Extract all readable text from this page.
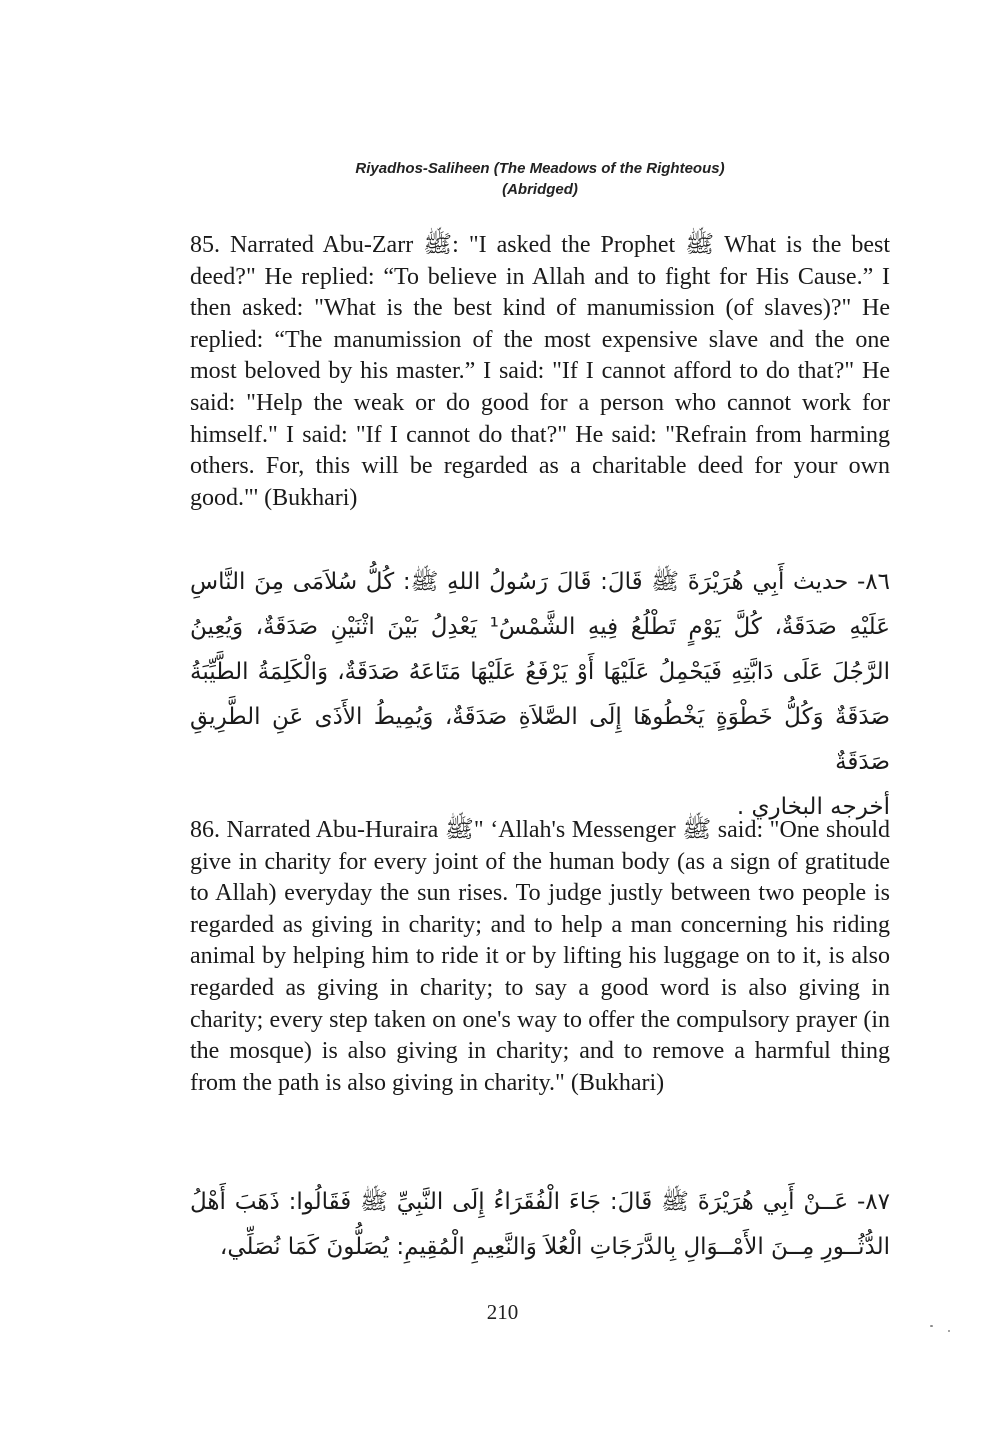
Riyadhos-Saliheen (The Meadows of the Righteous)
(Abridged)

85. Narrated Abu-Zarr ﷺ: "I asked the Prophet ﷺ What is the best deed?" He replied: “To believe in Allah and to fight for His Cause.” I then asked: "What is the best kind of manumission (of slaves)?" He replied: “The manumission of the most expensive slave and the one most beloved by his master.” I said: "If I cannot afford to do that?" He said: "Help the weak or do good for a person who cannot work for himself." I said: "If I cannot do that?" He said: "Refrain from harming others. For, this will be regarded as a charitable deed for your own good."' (Bukhari)

٨٦- حديث أَبِي هُرَيْرَةَ ﷺ قَالَ: قَالَ رَسُولُ اللهِ ﷺ: كُلُّ سُلاَمَى مِنَ النَّاسِ عَلَيْهِ صَدَقَةٌ، كُلَّ يَوْمٍ تَطْلُعُ فِيهِ الشَّمْسُ¹ يَعْدِلُ بَيْنَ اثْنَيْنِ صَدَقَةٌ، وَيُعِينُ الرَّجُلَ عَلَى دَابَّتِهِ فَيَحْمِلُ عَلَيْهَا أَوْ يَرْفَعُ عَلَيْهَا مَتَاعَهُ صَدَقَةٌ، وَالْكَلِمَةُ الطَّيِّبَةُ صَدَقَةٌ وَكُلُّ خَطْوَةٍ يَخْطُوهَا إِلَى الصَّلاَةِ صَدَقَةٌ، وَيُمِيطُ الأَذَى عَنِ الطَّرِيقِ صَدَقَةٌ
أخرجه البخاري .

86. Narrated Abu-Huraira ﷺ" ‘Allah's Messenger ﷺ said: "One should give in charity for every joint of the human body (as a sign of gratitude to Allah) everyday the sun rises. To judge justly between two people is regarded as giving in charity; and to help a man concerning his riding animal by helping him to ride it or by lifting his luggage on to it, is also regarded as giving in charity; to say a good word is also giving in charity; every step taken on one's way to offer the compulsory prayer (in the mosque) is also giving in charity; and to remove a harmful thing from the path is also giving in charity." (Bukhari)

٨٧- عَــنْ أَبِي هُرَيْرَةَ ﷺ قَالَ: جَاءَ الْفُقَرَاءُ إِلَى النَّبِيِّ ﷺ فَقَالُوا: ذَهَبَ أَهْلُ الدُّثُــورِ مِــنَ الأَمْــوَالِ بِالدَّرَجَاتِ الْعُلاَ وَالنَّعِيمِ الْمُقِيمِ: يُصَلُّونَ كَمَا نُصَلِّي،
210
